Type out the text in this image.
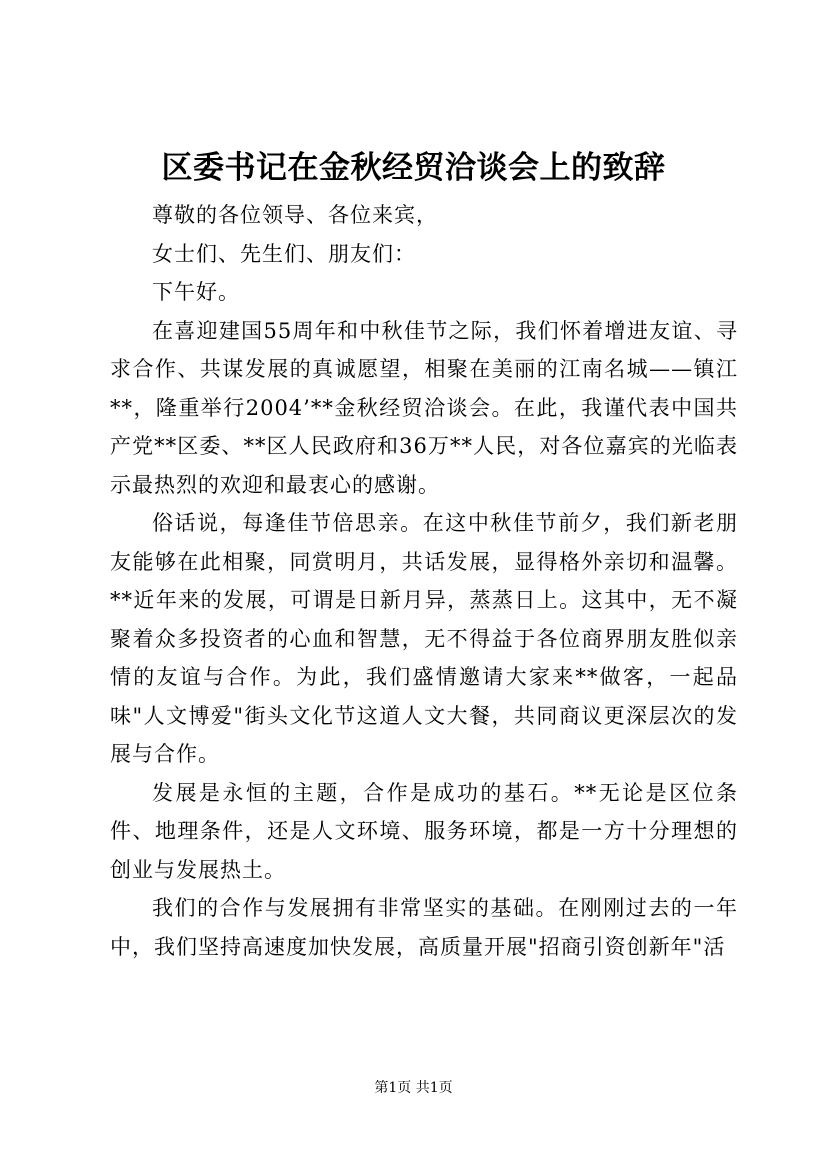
区委书记在金秋经贸洽谈会上的致辞

尊敬的各位领导、各位来宾，

女士们、先生们、朋友们：

下午好。

在喜迎建国55周年和中秋佳节之际，我们怀着增进友谊、寻求合作、共谋发展的真诚愿望，相聚在美丽的江南名城——镇江**，隆重举行2004’**金秋经贸洽谈会。在此，我谨代表中国共产党**区委、**区人民政府和36万**人民，对各位嘉宾的光临表示最热烈的欢迎和最衷心的感谢。

俗话说，每逢佳节倍思亲。在这中秋佳节前夕，我们新老朋友能够在此相聚，同赏明月，共话发展，显得格外亲切和温馨。**近年来的发展，可谓是日新月异，蒸蒸日上。这其中，无不凝聚着众多投资者的心血和智慧，无不得益于各位商界朋友胜似亲情的友谊与合作。为此，我们盛情邀请大家来**做客，一起品味"人文博爱"街头文化节这道人文大餐，共同商议更深层次的发展与合作。

发展是永恒的主题，合作是成功的基石。**无论是区位条件、地理条件，还是人文环境、服务环境，都是一方十分理想的创业与发展热土。

我们的合作与发展拥有非常坚实的基础。在刚刚过去的一年中，我们坚持高速度加快发展，高质量开展"招商引资创新年"活

第1页 共1页
